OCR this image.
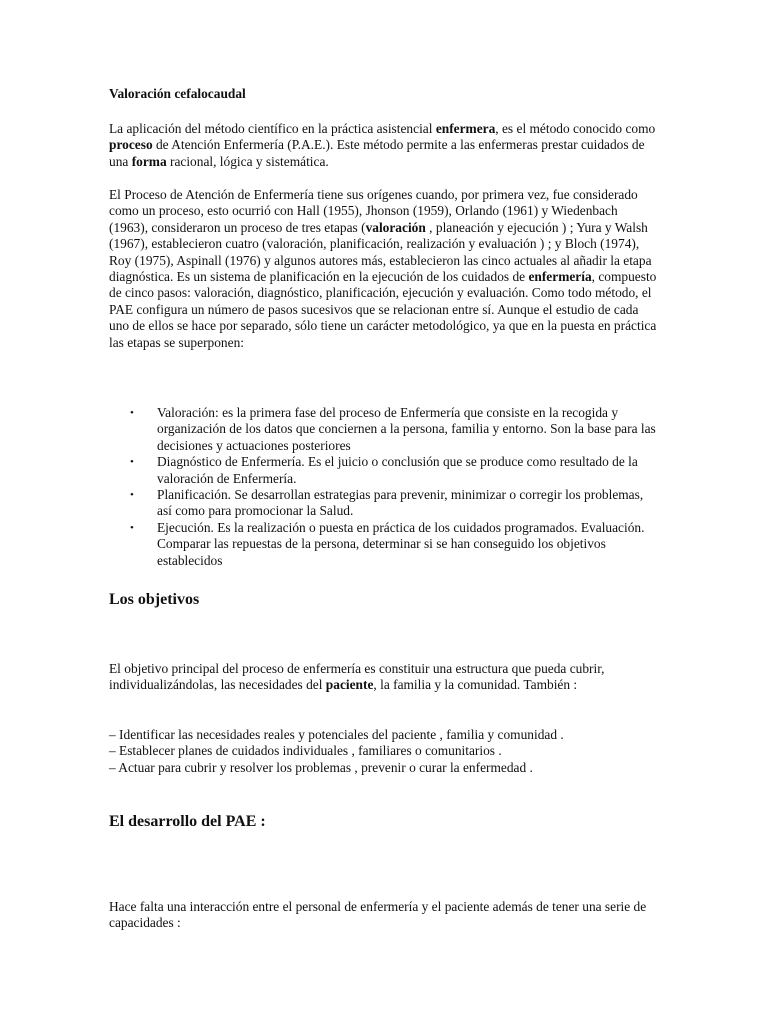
Valoración cefalocaudal
La aplicación del método científico en la práctica asistencial enfermera, es el método conocido como proceso de Atención Enfermería (P.A.E.). Este método permite a las enfermeras prestar cuidados de una forma racional, lógica y sistemática.
El Proceso de Atención de Enfermería tiene sus orígenes cuando, por primera vez, fue considerado como un proceso, esto ocurrió con Hall (1955), Jhonson (1959), Orlando (1961) y Wiedenbach (1963), consideraron un proceso de tres etapas (valoración , planeación y ejecución ) ; Yura y Walsh (1967), establecieron cuatro (valoración, planificación, realización y evaluación ) ; y Bloch (1974), Roy (1975), Aspinall (1976) y algunos autores más, establecieron las cinco actuales al añadir la etapa diagnóstica. Es un sistema de planificación en la ejecución de los cuidados de enfermería, compuesto de cinco pasos: valoración, diagnóstico, planificación, ejecución y evaluación. Como todo método, el PAE configura un número de pasos sucesivos que se relacionan entre sí. Aunque el estudio de cada uno de ellos se hace por separado, sólo tiene un carácter metodológico, ya que en la puesta en práctica las etapas se superponen:
• Valoración: es la primera fase del proceso de Enfermería que consiste en la recogida y organización de los datos que conciernen a la persona, familia y entorno. Son la base para las decisiones y actuaciones posteriores
• Diagnóstico de Enfermería. Es el juicio o conclusión que se produce como resultado de la valoración de Enfermería.
• Planificación. Se desarrollan estrategias para prevenir, minimizar o corregir los problemas, así como para promocionar la Salud.
• Ejecución. Es la realización o puesta en práctica de los cuidados programados. Evaluación. Comparar las repuestas de la persona, determinar si se han conseguido los objetivos establecidos
Los objetivos
El objetivo principal del proceso de enfermería es constituir una estructura que pueda cubrir, individualizándolas, las necesidades del paciente, la familia y la comunidad. También :
– Identificar las necesidades reales y potenciales del paciente , familia y comunidad .
– Establecer planes de cuidados individuales , familiares o comunitarios .
– Actuar para cubrir y resolver los problemas , prevenir o curar la enfermedad .
El desarrollo del PAE :
Hace falta una interacción entre el personal de enfermería y el paciente además de tener una serie de capacidades :
